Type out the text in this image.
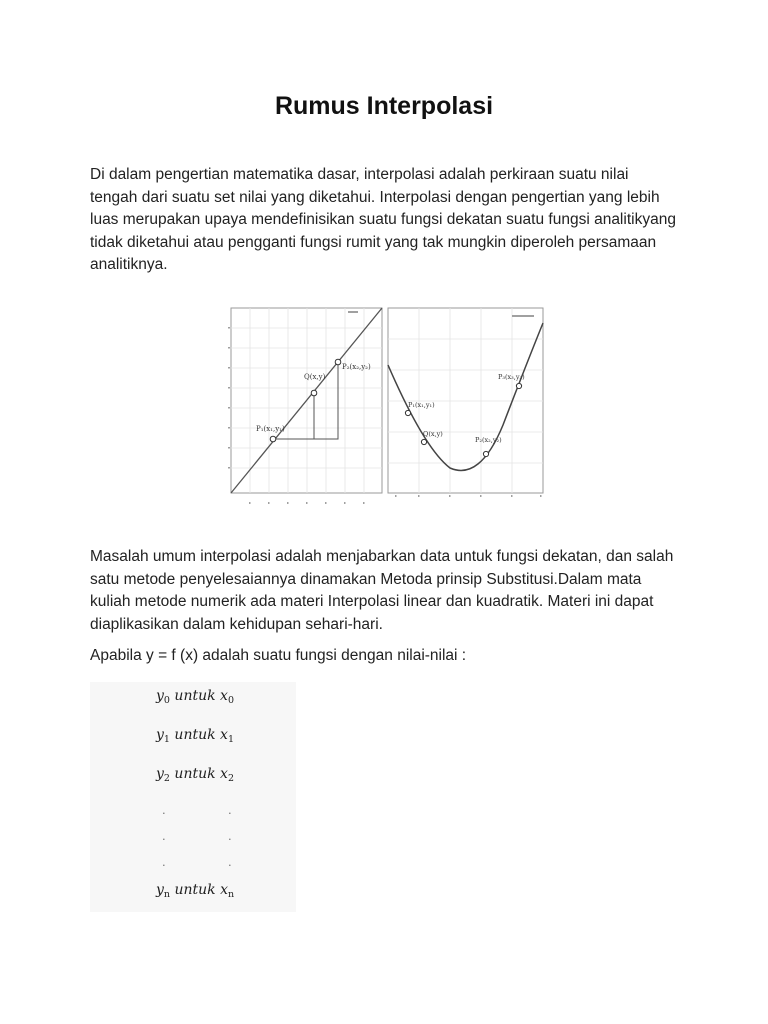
Rumus Interpolasi

Di dalam pengertian matematika dasar, interpolasi adalah perkiraan suatu nilai tengah dari suatu set nilai yang diketahui. Interpolasi dengan pengertian yang lebih luas merupakan upaya mendefinisikan suatu fungsi dekatan suatu fungsi analitikyang tidak diketahui atau pengganti fungsi rumit yang tak mungkin diperoleh persamaan analitiknya.

P₁(x₁,y₁)
Q(x,y)
P₂(x₂,y₂)
P₁(x₁,y₁)
Q(x,y)
P₂(x₂,y₂)
P₃(x₃,y₃)

Masalah umum interpolasi adalah menjabarkan data untuk fungsi dekatan, dan salah satu metode penyelesaiannya dinamakan Metoda prinsip Substitusi.Dalam mata kuliah metode numerik ada materi Interpolasi linear dan kuadratik. Materi ini dapat diaplikasikan dalam kehidupan sehari-hari.

Apabila y = f (x) adalah suatu fungsi dengan nilai-nilai :

$y_0$ untuk $x_0$
$y_1$ untuk $x_1$
$y_2$ untuk $x_2$
.	.
.	.
.	.
$y_n$ untuk $x_n$
